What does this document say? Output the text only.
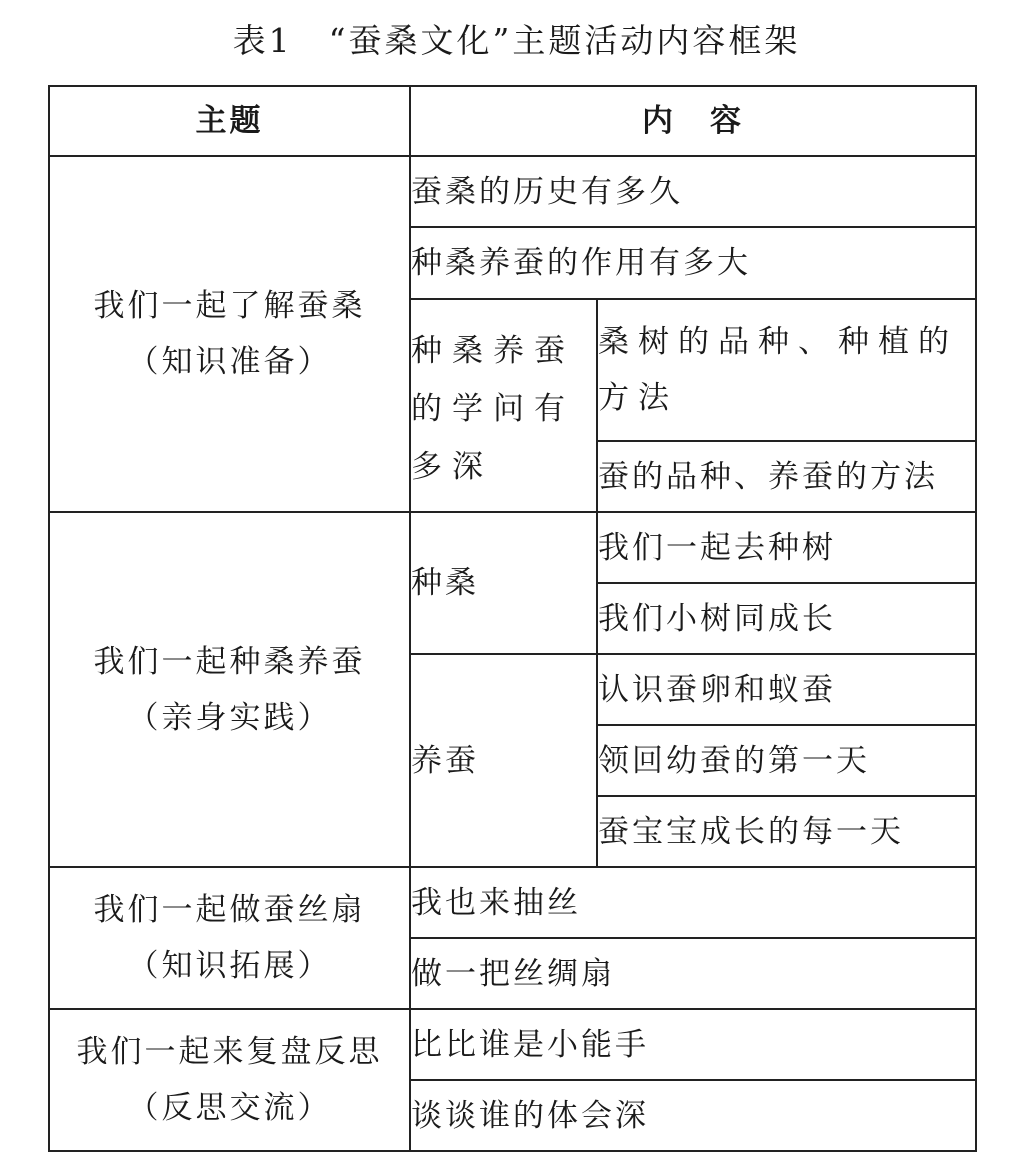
表1　“蚕桑文化”主题活动内容框架
主题	内　容	

我们一起了解蚕桑
（知识准备）	蚕桑的历史有多久	
	种桑养蚕的作用有多大	
	种桑养蚕的学问有多深	桑树的品种、种植的方法
		蚕的品种、养蚕的方法

我们一起种桑养蚕
（亲身实践）	种桑	我们一起去种树
		我们小树同成长
	养蚕	认识蚕卵和蚁蚕
		领回幼蚕的第一天
		蚕宝宝成长的每一天

我们一起做蚕丝扇
（知识拓展）	我也来抽丝	
	做一把丝绸扇	

我们一起来复盘反思
（反思交流）	比比谁是小能手	
	谈谈谁的体会深	
